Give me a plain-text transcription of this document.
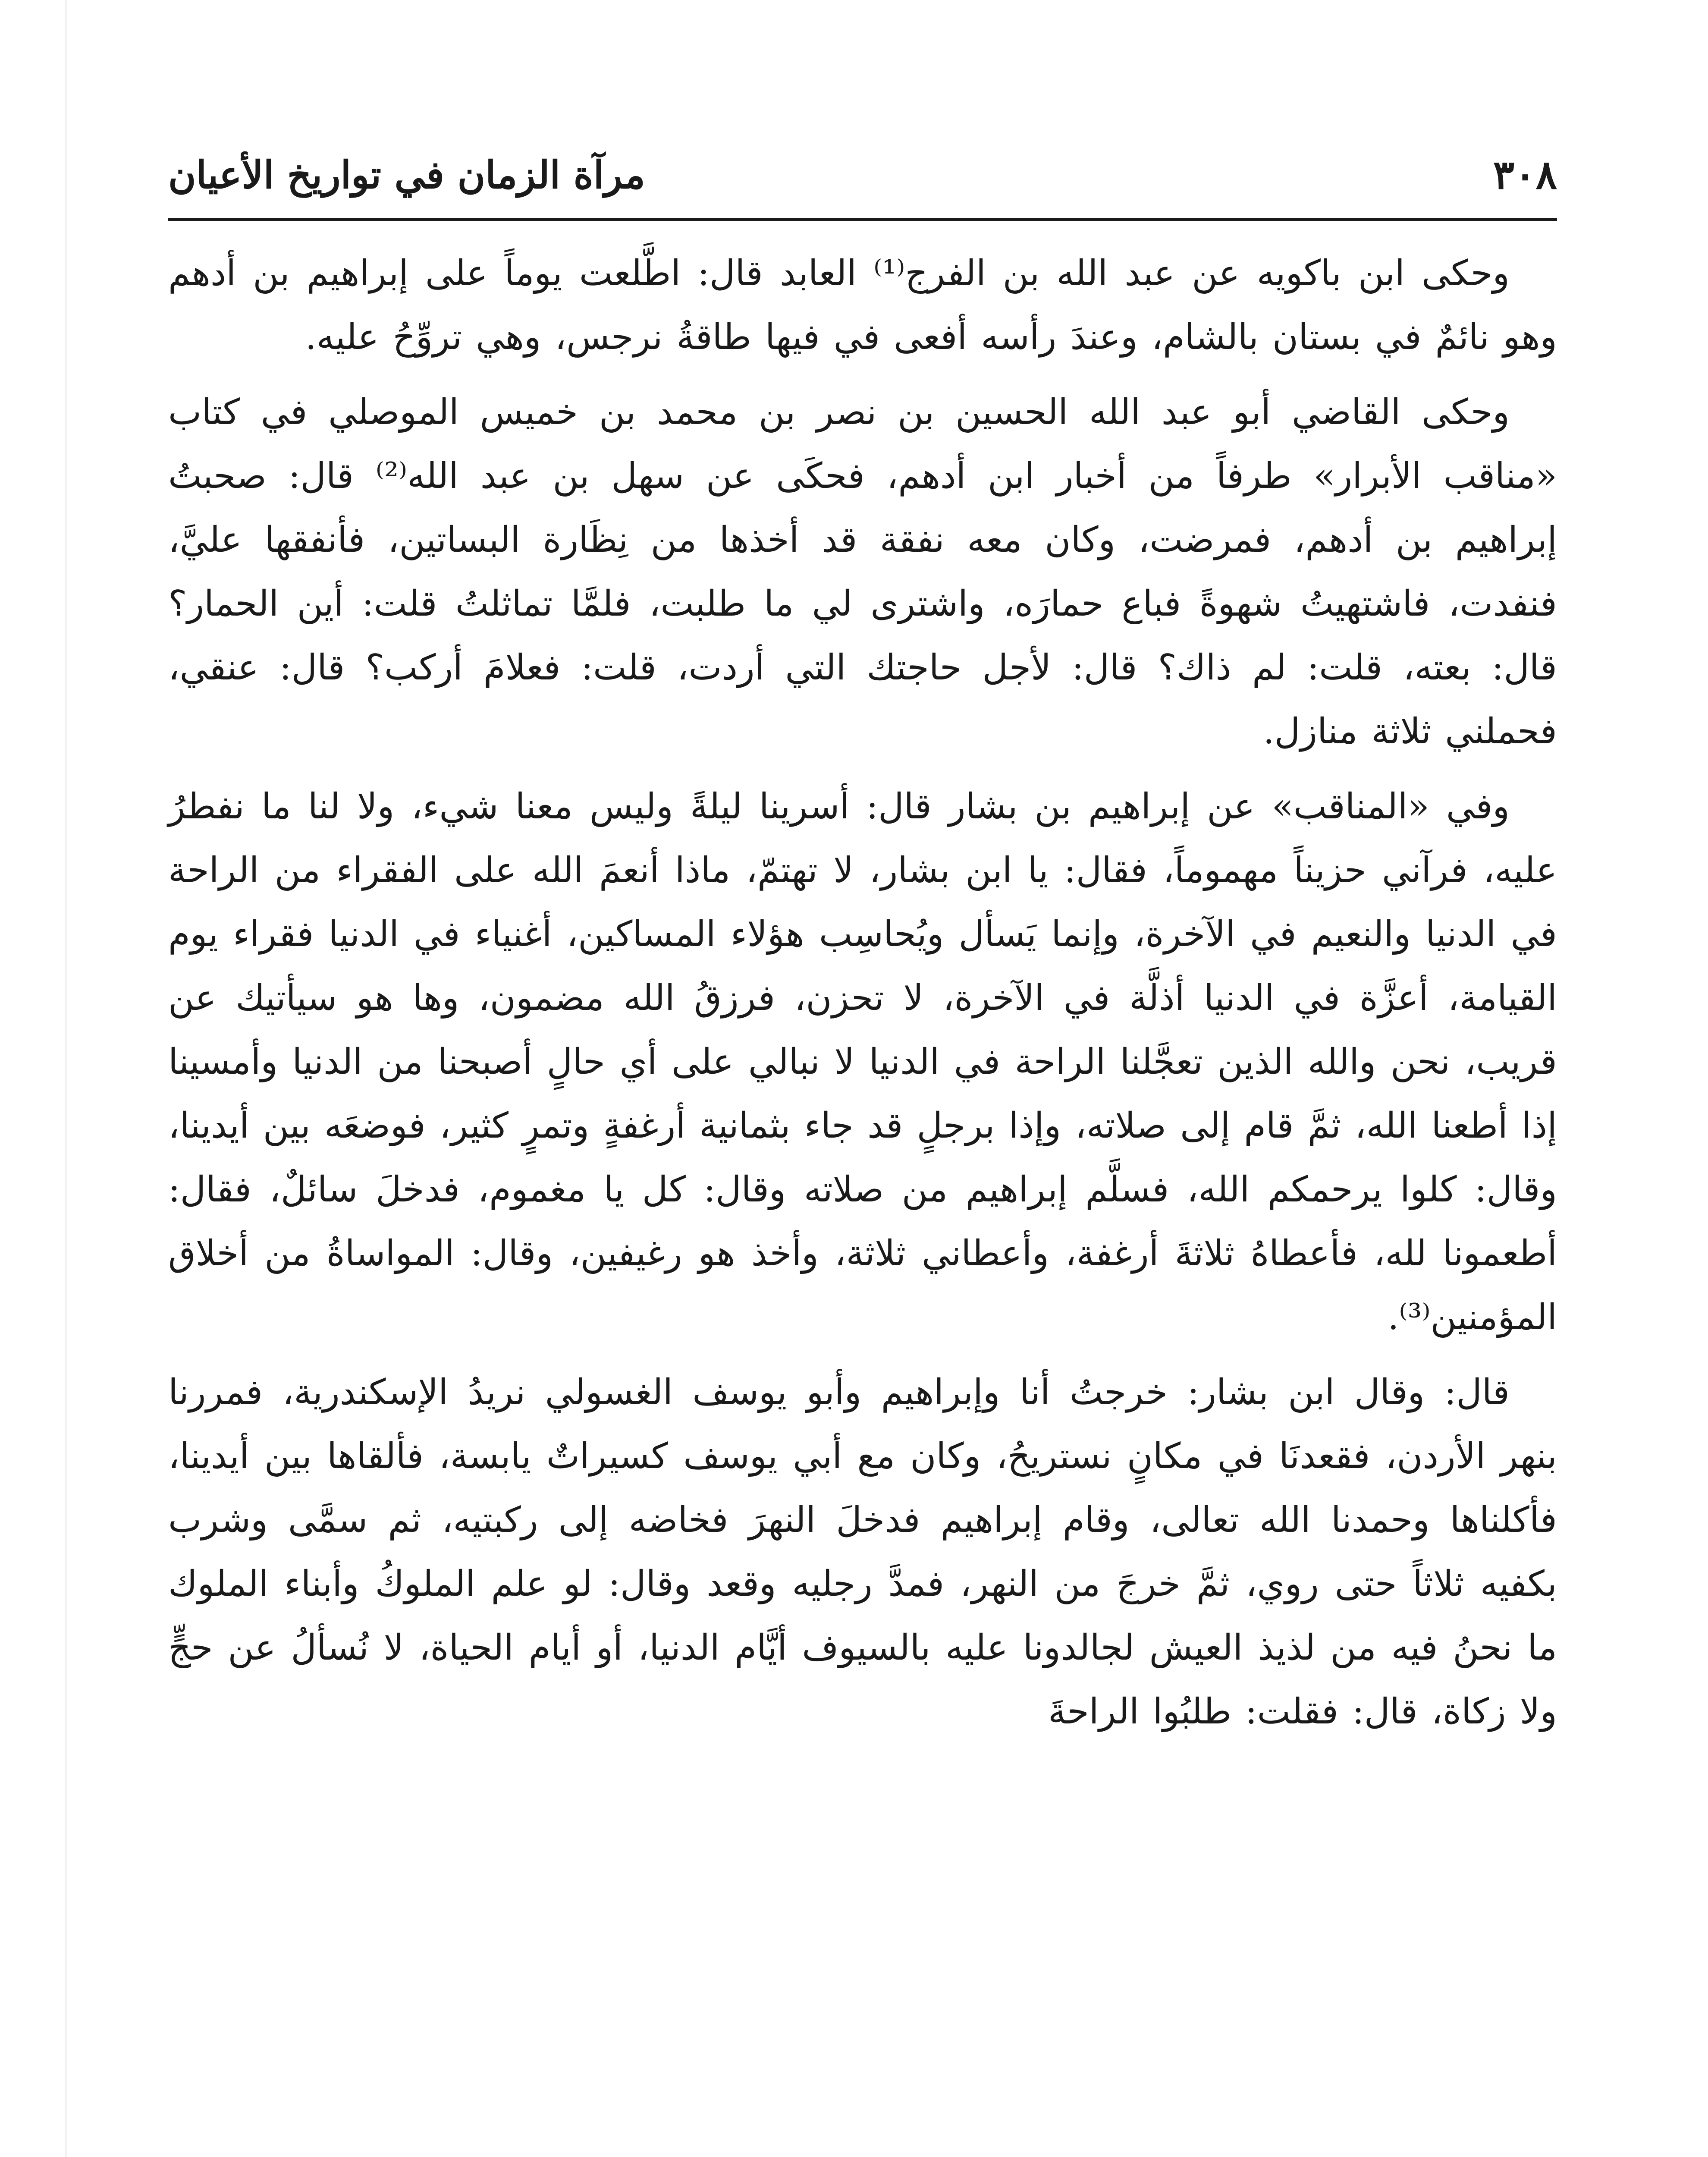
٣٠٨
مرآة الزمان في تواريخ الأعيان

وحكى ابن باكويه عن عبد الله بن الفرج⁽¹⁾ العابد قال: اطَّلعت يوماً على إبراهيم بن أدهم وهو نائمٌ في بستان بالشام، وعندَ رأسه أفعى في فيها طاقةُ نرجس، وهي تروِّحُ عليه.

وحكى القاضي أبو عبد الله الحسين بن نصر بن محمد بن خميس الموصلي في كتاب «مناقب الأبرار» طرفاً من أخبار ابن أدهم، فحكَى عن سهل بن عبد الله⁽²⁾ قال: صحبتُ إبراهيم بن أدهم، فمرضت، وكان معه نفقة قد أخذها من نِظَارة البساتين، فأنفقها عليَّ، فنفدت، فاشتهيتُ شهوةً فباع حمارَه، واشترى لي ما طلبت، فلمَّا تماثلتُ قلت: أين الحمار؟ قال: بعته، قلت: لم ذاك؟ قال: لأجل حاجتك التي أردت، قلت: فعلامَ أركب؟ قال: عنقي، فحملني ثلاثة منازل.

وفي «المناقب» عن إبراهيم بن بشار قال: أسرينا ليلةً وليس معنا شيء، ولا لنا ما نفطرُ عليه، فرآني حزيناً مهموماً، فقال: يا ابن بشار، لا تهتمّ، ماذا أنعمَ الله على الفقراء من الراحة في الدنيا والنعيم في الآخرة، وإنما يَسأل ويُحاسِب هؤلاء المساكين، أغنياء في الدنيا فقراء يوم القيامة، أعزَّة في الدنيا أذلَّة في الآخرة، لا تحزن، فرزقُ الله مضمون، وها هو سيأتيك عن قريب، نحن والله الذين تعجَّلنا الراحة في الدنيا لا نبالي على أي حالٍ أصبحنا من الدنيا وأمسينا إذا أطعنا الله، ثمَّ قام إلى صلاته، وإذا برجلٍ قد جاء بثمانية أرغفةٍ وتمرٍ كثير، فوضعَه بين أيدينا، وقال: كلوا يرحمكم الله، فسلَّم إبراهيم من صلاته وقال: كل يا مغموم، فدخلَ سائلٌ، فقال: أطعمونا لله، فأعطاهُ ثلاثةَ أرغفة، وأعطاني ثلاثة، وأخذ هو رغيفين، وقال: المواساةُ من أخلاق المؤمنين⁽³⁾.

قال: وقال ابن بشار: خرجتُ أنا وإبراهيم وأبو يوسف الغسولي نريدُ الإسكندرية، فمررنا بنهر الأردن، فقعدنَا في مكانٍ نستريحُ، وكان مع أبي يوسف كسيراتٌ يابسة، فألقاها بين أيدينا، فأكلناها وحمدنا الله تعالى، وقام إبراهيم فدخلَ النهرَ فخاضه إلى ركبتيه، ثم سمَّى وشرب بكفيه ثلاثاً حتى روي، ثمَّ خرجَ من النهر، فمدَّ رجليه وقعد وقال: لو علم الملوكُ وأبناء الملوك ما نحنُ فيه من لذيذ العيش لجالدونا عليه بالسيوف أيَّام الدنيا، أو أيام الحياة، لا نُسألُ عن حجٍّ ولا زكاة، قال: فقلت: طلبُوا الراحةَ
